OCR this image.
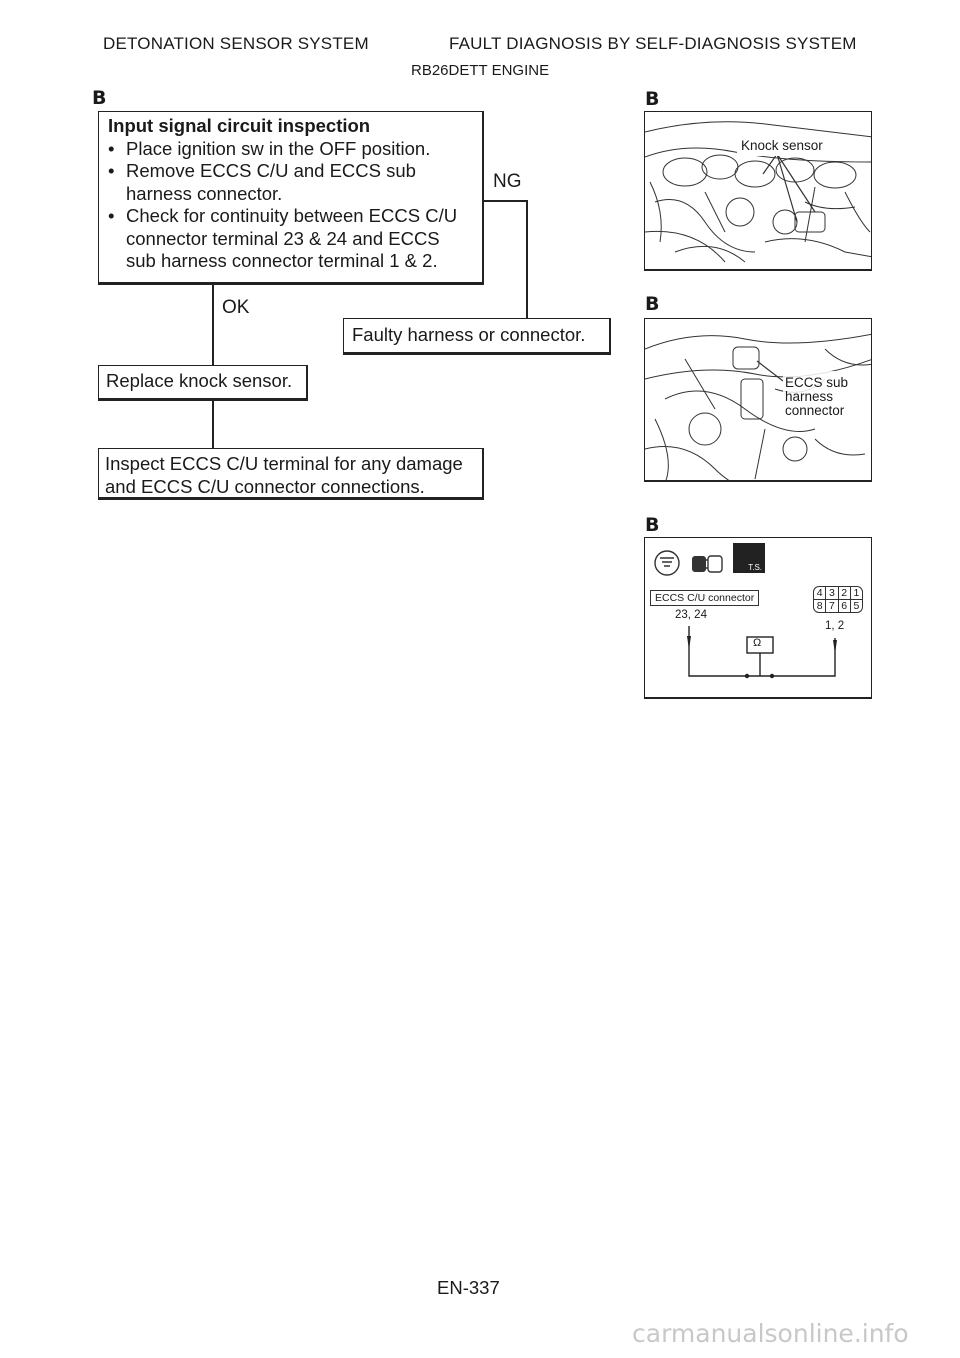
DETONATION SENSOR SYSTEM	FAULT DIAGNOSIS BY SELF-DIAGNOSIS SYSTEM
RB26DETT ENGINE
B
Input signal circuit inspection
• Place ignition sw in the OFF position.
• Remove ECCS C/U and ECCS sub harness connector.
• Check for continuity between ECCS C/U connector terminal 23 & 24 and ECCS sub harness connector terminal 1 & 2.
NG
Faulty harness or connector.
OK
Replace knock sensor.
Inspect ECCS C/U terminal for any damage and ECCS C/U connector connections.
B
Knock sensor
B
ECCS sub harness connector
B
T.S.
ECCS C/U connector
23, 24
4 3 2 1
8 7 6 5
1, 2
Ω
EN-337
carmanualsonline.info
